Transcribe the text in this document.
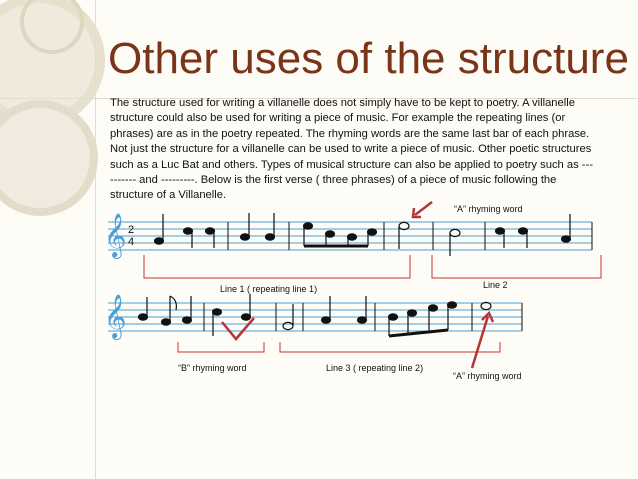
Other uses of the structure
The structure used for writing a villanelle does not simply have to be kept to poetry. A villanelle structure could also be used for writing a piece of music. For example the repeating lines (or phrases) are as in the poetry repeated. The rhyming words are the same last bar of each phrase. Not just the structure for a villanelle can be used to write a piece of music. Other poetic structures such as a Luc Bat and others. Types of musical structure can also be applied to poetry such as ---------- and ---------. Below is the first verse ( three phrases) of a piece of music following the structure of a Villanelle.
𝄞 2
4
𝄞
“A” rhyming word
Line 1 ( repeating line 1)	Line 2
“B” rhyming word	Line 3 ( repeating line 2)
“A” rhyming word
